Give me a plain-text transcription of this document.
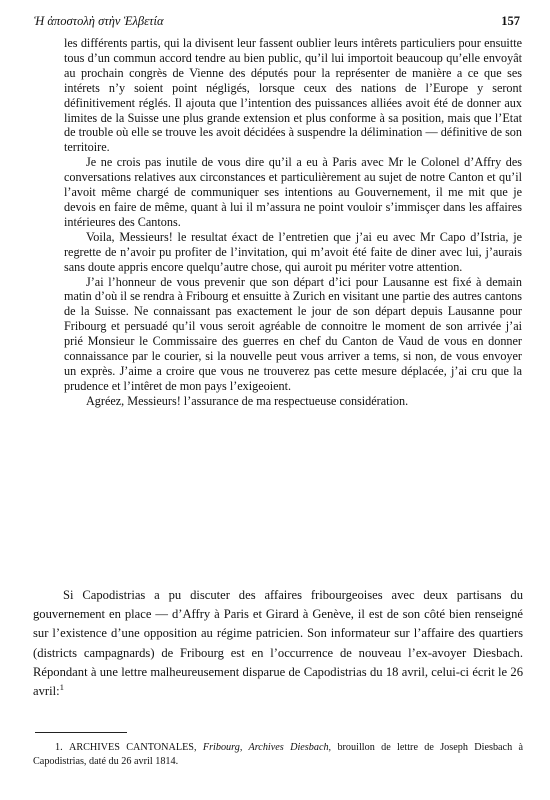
Ἡ ἀποστολὴ στὴν Ἑλβετία	157

les différents partis, qui la divisent leur fassent oublier leurs intêrets particuliers pour ensuitte tous d’un commun accord tendre au bien public, qu’il lui importoit beaucoup qu’elle envoyât au prochain congrès de Vienne des députés pour la représenter de manière a ce que ses intérets n’y soient point négligés, lorsque ceux des nations de l’Europe y seront définitivement réglés. Il ajouta que l’intention des puissances alliées avoit été de donner aux limites de la Suisse une plus grande extension et plus conforme à sa position, mais que l’Etat de trouble où elle se trouve les avoit décidées à suspendre la délimination — définitive de son territoire.

Je ne crois pas inutile de vous dire qu’il a eu à Paris avec Mr le Colonel d’Affry des conversations relatives aux circonstances et particulièrement au sujet de notre Canton et qu’il l’avoit même chargé de communiquer ses intentions au Gouvernement, il me mit que je devois en faire de même, quant à lui il m’assura ne point vouloir s’immisçer dans les affaires intérieures des Cantons.

Voila, Messieurs! le resultat éxact de l’entretien que j’ai eu avec Mr Capo d’Istria, je regrette de n’avoir pu profiter de l’invitation, qui m’avoit été faite de diner avec lui, j’aurais sans doute appris encore quelqu’autre chose, qui auroit pu mériter votre attention.

J’ai l’honneur de vous prevenir que son départ d’ici pour Lausanne est fixé à demain matin d’où il se rendra à Fribourg et ensuitte à Zurich en visitant une partie des autres cantons de la Suisse. Ne connaissant pas exactement le jour de son départ depuis Lausanne pour Fribourg et persuadé qu’il vous seroit agréable de connoitre le moment de son arrivée j’ai prié Monsieur le Commissaire des guerres en chef du Canton de Vaud de vous en donner connaissance par le courier, si la nouvelle peut vous arriver a tems, si non, de vous envoyer un exprès. J’aime a croire que vous ne trouverez pas cette mesure déplacée, j’ai cru que la prudence et l’intêret de mon pays l’exigeoient.

Agréez, Messieurs! l’assurance de ma respectueuse considération.

Si Capodistrias a pu discuter des affaires fribourgeoises avec deux partisans du gouvernement en place — d’Affry à Paris et Girard à Genève, il est de son côté bien renseigné sur l’existence d’une opposition au régime patricien. Son informateur sur l’affaire des quartiers (districts campagnards) de Fribourg est en l’occurrence de nouveau l’ex-avoyer Diesbach. Répondant à une lettre malheureusement disparue de Capodistrias du 18 avril, celui-ci écrit le 26 avril:$^1$

1. ARCHIVES CANTONALES, Fribourg, Archives Diesbach, brouillon de lettre de Joseph Diesbach à Capodistrias, daté du 26 avril 1814.
